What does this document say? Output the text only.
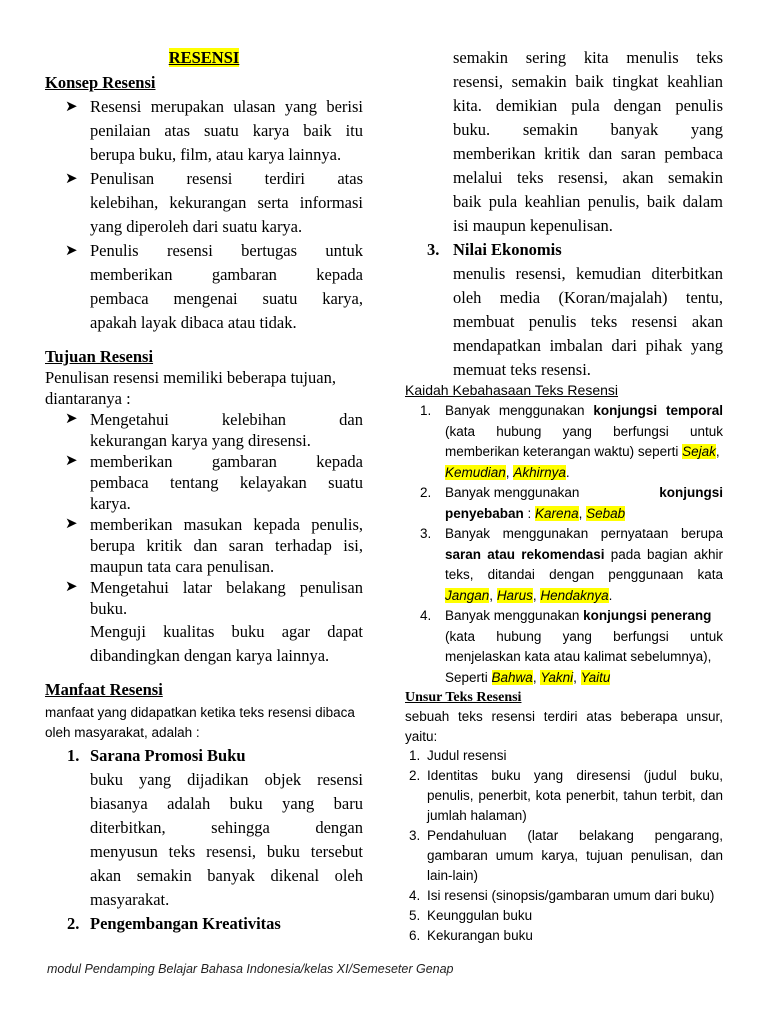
RESENSI
Konsep Resensi
➤ Resensi merupakan ulasan yang berisi
penilaian atas suatu karya baik itu
berupa buku, film, atau karya lainnya.
➤ Penulisan resensi terdiri atas
kelebihan, kekurangan serta informasi
yang diperoleh dari suatu karya.
➤ Penulis resensi bertugas untuk
memberikan gambaran kepada
pembaca mengenai suatu karya,
apakah layak dibaca atau tidak.
Tujuan Resensi
Penulisan resensi memiliki beberapa tujuan,
diantaranya :
➤ Mengetahui kelebihan dan
kekurangan karya yang diresensi.
➤ memberikan gambaran kepada
pembaca tentang kelayakan suatu
karya.
➤ memberikan masukan kepada penulis,
berupa kritik dan saran terhadap isi,
maupun tata cara penulisan.
➤ Mengetahui latar belakang penulisan
buku.
Menguji kualitas buku agar dapat
dibandingkan dengan karya lainnya.
Manfaat Resensi
manfaat yang didapatkan ketika teks resensi dibaca
oleh masyarakat, adalah :
1. Sarana Promosi Buku
buku yang dijadikan objek resensi
biasanya adalah buku yang baru
diterbitkan, sehingga dengan
menyusun teks resensi, buku tersebut
akan semakin banyak dikenal oleh
masyarakat.
2. Pengembangan Kreativitas
semakin sering kita menulis teks
resensi, semakin baik tingkat keahlian
kita. demikian pula dengan penulis
buku. semakin banyak yang
memberikan kritik dan saran pembaca
melalui teks resensi, akan semakin
baik pula keahlian penulis, baik dalam
isi maupun kepenulisan.
3. Nilai Ekonomis
menulis resensi, kemudian diterbitkan
oleh media (Koran/majalah) tentu,
membuat penulis teks resensi akan
mendapatkan imbalan dari pihak yang
memuat teks resensi.
Kaidah Kebahasaan Teks Resensi
1. Banyak menggunakan konjungsi temporal
(kata hubung yang berfungsi untuk
memberikan keterangan waktu) seperti Sejak,
Kemudian, Akhirnya.
2. Banyak menggunakan	konjungsi
penyebaban : Karena, Sebab
3. Banyak menggunakan pernyataan berupa
saran atau rekomendasi pada bagian akhir
teks, ditandai dengan penggunaan kata
Jangan, Harus, Hendaknya.
4. Banyak menggunakan konjungsi penerang
(kata hubung yang berfungsi untuk
menjelaskan kata atau kalimat sebelumnya),
Seperti Bahwa, Yakni, Yaitu
Unsur Teks Resensi
sebuah teks resensi terdiri atas beberapa unsur,
yaitu:
1. Judul resensi
2. Identitas buku yang diresensi (judul buku,
penulis, penerbit, kota penerbit, tahun terbit, dan
jumlah halaman)
3. Pendahuluan (latar belakang pengarang,
gambaran umum karya, tujuan penulisan, dan
lain-lain)
4. Isi resensi (sinopsis/gambaran umum dari buku)
5. Keunggulan buku
6. Kekurangan buku
modul Pendamping Belajar Bahasa Indonesia/kelas XI/Semeseter Genap
